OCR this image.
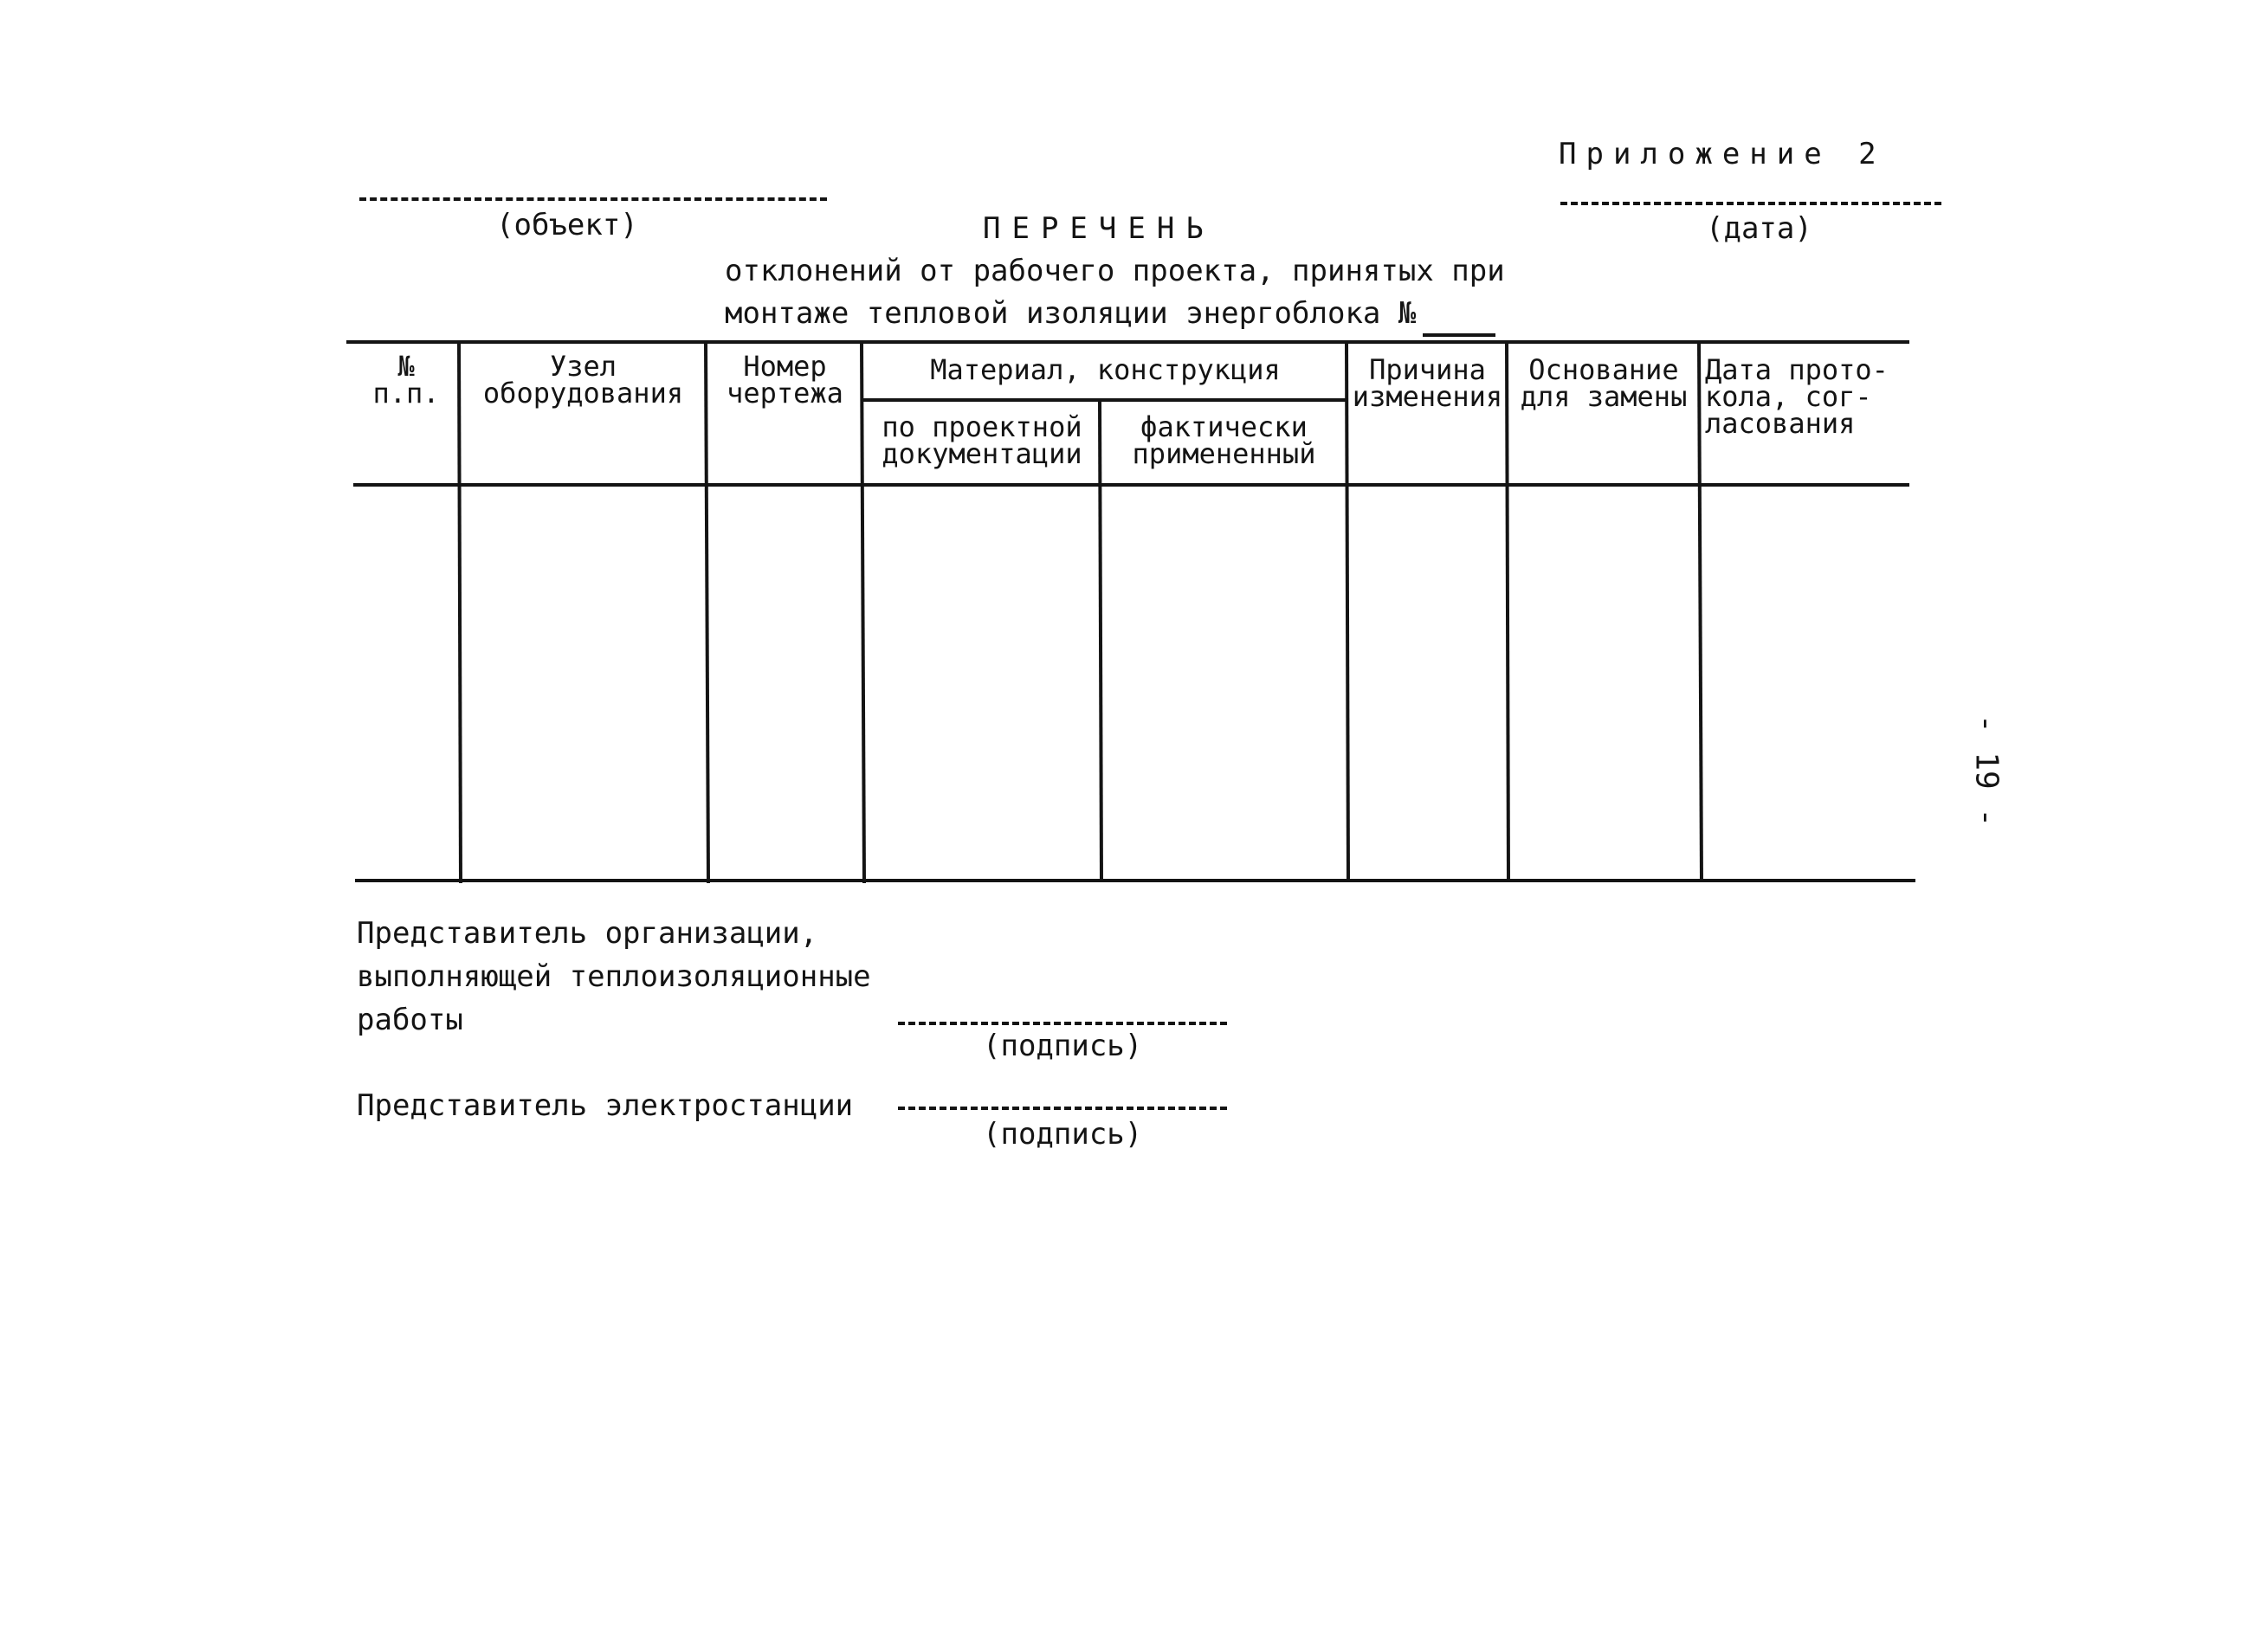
Приложение 2
(объект)	(дата)
ПЕРЕЧЕНЬ
отклонений от рабочего проекта, принятых при
монтаже тепловой изоляции энергоблока №
№
п.п.
Узел
оборудования
Номер
чертежа
Материал, конструкция
по проектной
документации
фактически
примененный
Причина
изменения
Основание
для замены
Дата прото-
кола, сог-
ласования
Представитель организации,
выполняющей теплоизоляционные
работы
(подпись)
Представитель электростанции
(подпись)
- 19 -
